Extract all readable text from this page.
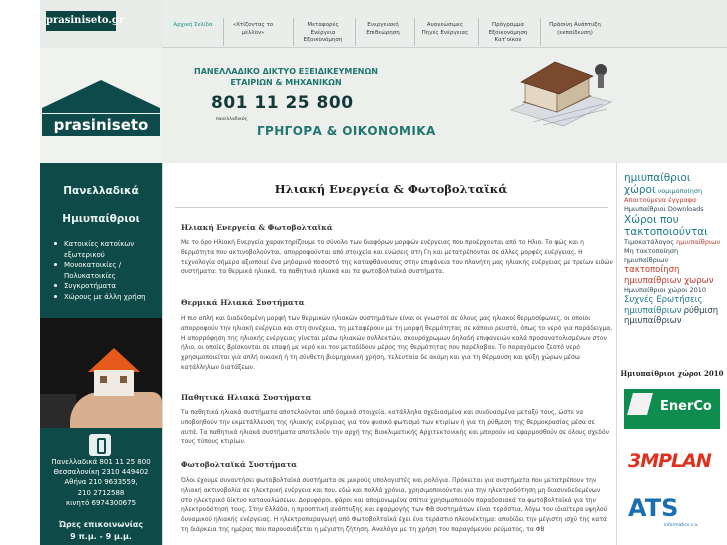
prasiniseto.gr
prasiniseto
Πανελλαδικά
Ημιυπαίθριοι
Κατοικίες κατοίκων εξωτερικού
Μονοκατοικίες / Πολυκατοικίες
Συγκροτήματα
Χώρους με άλλη χρήση
Πανελλαδικά 801 11 25 800
Θεσσαλονίκη 2310 449402
Αθήνα 210 9633559,
210 2712588
κινητό 6974300675
Ώρες επικοινωνίας
9 π.μ. - 9 μ.μ.
Αρχική Σελίδα	«Χτίζοντας το μέλλον»
Μεταφορές Ενέργεια Εξοικονόμηση
Ενεργειακή Επιθεώρηση
Ανανεώσιμες Πηγές Ενέργειας
Πρόγραμμα Εξοικονόμηση Κατ'οίκον
Πράσινη Ανάπτυξη (εκπαίδευση)
ΠΑΝΕΛΛΑΔΙΚΟ ΔΙΚΤΥΟ ΕΞΕΙΔΙΚΕΥΜΕΝΩΝ
ΕΤΑΙΡΙΩΝ & ΜΗΧΑΝΙΚΩΝ
801 11 25 800
πανελλαδικός
ΓΡΗΓΟΡΑ & ΟΙΚΟΝΟΜΙΚΑ
Ηλιακή Ενεργεία & Φωτοβολταϊκά
Ηλιακή Ενεργεία & Φωτοβολταϊκά
Με το όρο Ηλιακή Ενεργεία χαρακτηρίζουμε το σύνολο των διαφόρων μορφών ενέργειας που προέρχονται από το Ηλιο. Το φώς και η θερμότητα που ακτινοβολούνται, απορροφούνται από στοιχεία και ενώσεις στη Γη και μετατρέπονται σε άλλες μορφές ενέργειας. Η τεχνολογία σήμερα αξιοποιεί ένα μηδαμινό ποσοστό της καταφθάνουσας στην επιφάνεια του πλανήτη μας ηλιακής ενέργειας με τρείων ειδών συστήματα: τα θερμικά ηλιακά, τα παθητικά ηλιακά και τα φωτοβολταϊκά συστήματα.
Θερμικά Ηλιακά Συστήματα
Η πιο απλή και διαδεδομένη μορφή των θερμικών ηλιακών συστημάτων είναι οι γνωστοί σε όλους μας ηλιακοί θερμοσίφωνες, οι οποίοι απορροφούν την ηλιακή ενέργεια και στη συνέχεια, τη μεταφέρουν με τη μορφή θερμότητας σε κάποιο ρευστό, όπως το νερό για παράδειγμα. Η απορρόφηση της ηλιακής ενέργειας γίνεται μέσω ηλιακών συλλεκτών, σκουρόχρωμων δηλαδή επιφανειών καλά προσανατολισμένων στον ήλιο, οι οποίες βρίσκονται σε επαφή με νερό και τον μεταδίδουν μέρος της θερμότητας που παρέλαβαν. Το παραγόμενο ζεστό νερό χρησιμοποιείται για απλή οικιακή ή τη σύνθετη βιομηχανική χρήση, τελευταία δε ακόμη και για τη θέρμανση και ψύξη χώρων μέσω κατάλληλων διατάξεων.
Παθητικά Ηλιακά Συστήματα
Τα παθητικά ηλιακά συστήματα αποτελούνται από δομικά στοιχεία, κατάλληλα σχεδιασμένα και συνδυασμένα μεταξύ τους, ώστε να υποβοηθούν την εκμετάλλευση της ηλιακής ενέργειας για τον φυσικό φωτισμό των κτιρίων ή για τη ρύθμιση της θερμοκρασίας μέσα σε αυτά. Τα παθητικά ηλιακά συστήματα αποτελούν την αρχή της Βιοκλιματικής Αρχιτεκτονικής και μπορούν να εφαρμοσθούν σε όλους σχεδόν τους τύπους κτιρίων.
Φωτοβολταϊκά Συστήματα
Όλοι έχουμε συναντήσει φωτοβολταϊκά συστήματα σε μικρούς υπολογιστές και ρολόγια. Πρόκειται για συστήματα που μετατρέπουν την ηλιακή ακτινοβολία σε ηλεκτρική ενέργεια και που, εδώ και πολλά χρόνια, χρησιμοποιούνται για την ηλεκτροδότηση μη διασυνδεδεμένων στο ηλεκτρικό δίκτυο καταναλώσεων. Δορυφόροι, φάροι και απομονωμένα σπίτια χρησιμοποιούν παραδοσιακά τα φωτοβολταϊκά για την ηλεκτροδότησή τους. Στην Ελλάδα, η προοπτική ανάπτυξης και εφαρμογής των ΦΒ συστημάτων είναι τεράστια, λόγω του ιδιαίτερα υψηλού δυναμικού ηλιακής ενέργειας. Η ηλεκτροπαραγωγή από Φωτοβολταϊκά έχει ένα τεράστιο πλεονέκτημα: αποδίδει την μέγιστη ισχύ της κατά τη διάρκεια της ημέρας που παρουσιάζεται η μέγιστη ζήτηση. Αναλόγα με τη χρήση του παραγόμενου ρεύματος, τα ΦΒ
ημιυπαίθριοι χώροι νομιμοποίηση Απαιτούμενα έγγραφα Ημιυπαίθριοι Downloads Χώροι που τακτοποιούνται Τιμοκατάλογος ημιυπαίθριων Μη τακτοποίηση ημιυπαίθριων τακτοποίηση ημιυπαίθριων χωρων Ημιυπαίθριοι χώροι 2010 Συχνές Ερωτήσεις ημιυπαίθριων ρύθμιση ημιυπαίθριων
Ημιυπαίθριοι χώροι 2010
EnerCo
3MPLAN
ATS
informatics s.a.
